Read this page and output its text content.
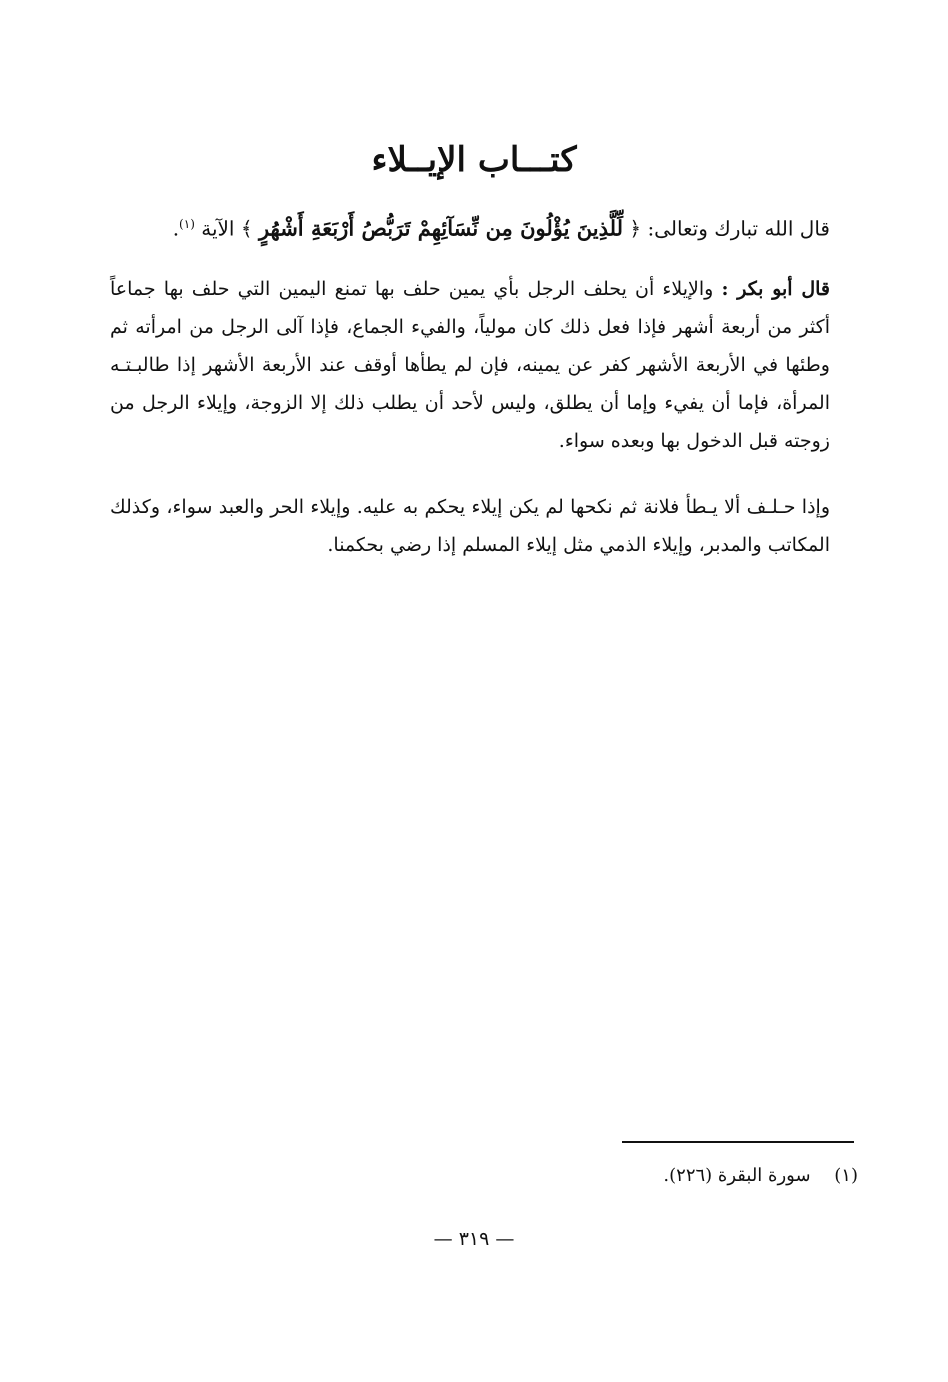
كتـــاب الإيــلاء
قال الله تبارك وتعالى: ﴿ لِّلَّذِينَ يُؤْلُونَ مِن نِّسَآئِهِمْ تَرَبُّصُ أَرْبَعَةِ أَشْهُرٍ ﴾ الآية $^{(١)}$.
قال أبو بكر : والإيلاء أن يحلف الرجل بأي يمين حلف بها تمنع اليمين التي حلف بها جماعاً أكثر من أربعة أشهر فإذا فعل ذلك كان مولياً، والفيء الجماع، فإذا آلى الرجل من امرأته ثم وطئها في الأربعة الأشهر كفر عن يمينه، فإن لم يطأها أوقف عند الأربعة الأشهر إذا طالبـتـه المرأة، فإما أن يفيء وإما أن يطلق، وليس لأحد أن يطلب ذلك إلا الزوجة، وإيلاء الرجل من زوجته قبل الدخول بها وبعده سواء.
وإذا حـلـف ألا يـطأ فلانة ثم نكحها لم يكن إيلاء يحكم به عليه. وإيلاء الحر والعبد سواء، وكذلك المكاتب والمدبر، وإيلاء الذمي مثل إيلاء المسلم إذا رضي بحكمنا.
(١) سورة البقرة (٢٢٦).
— ٣١٩ —
